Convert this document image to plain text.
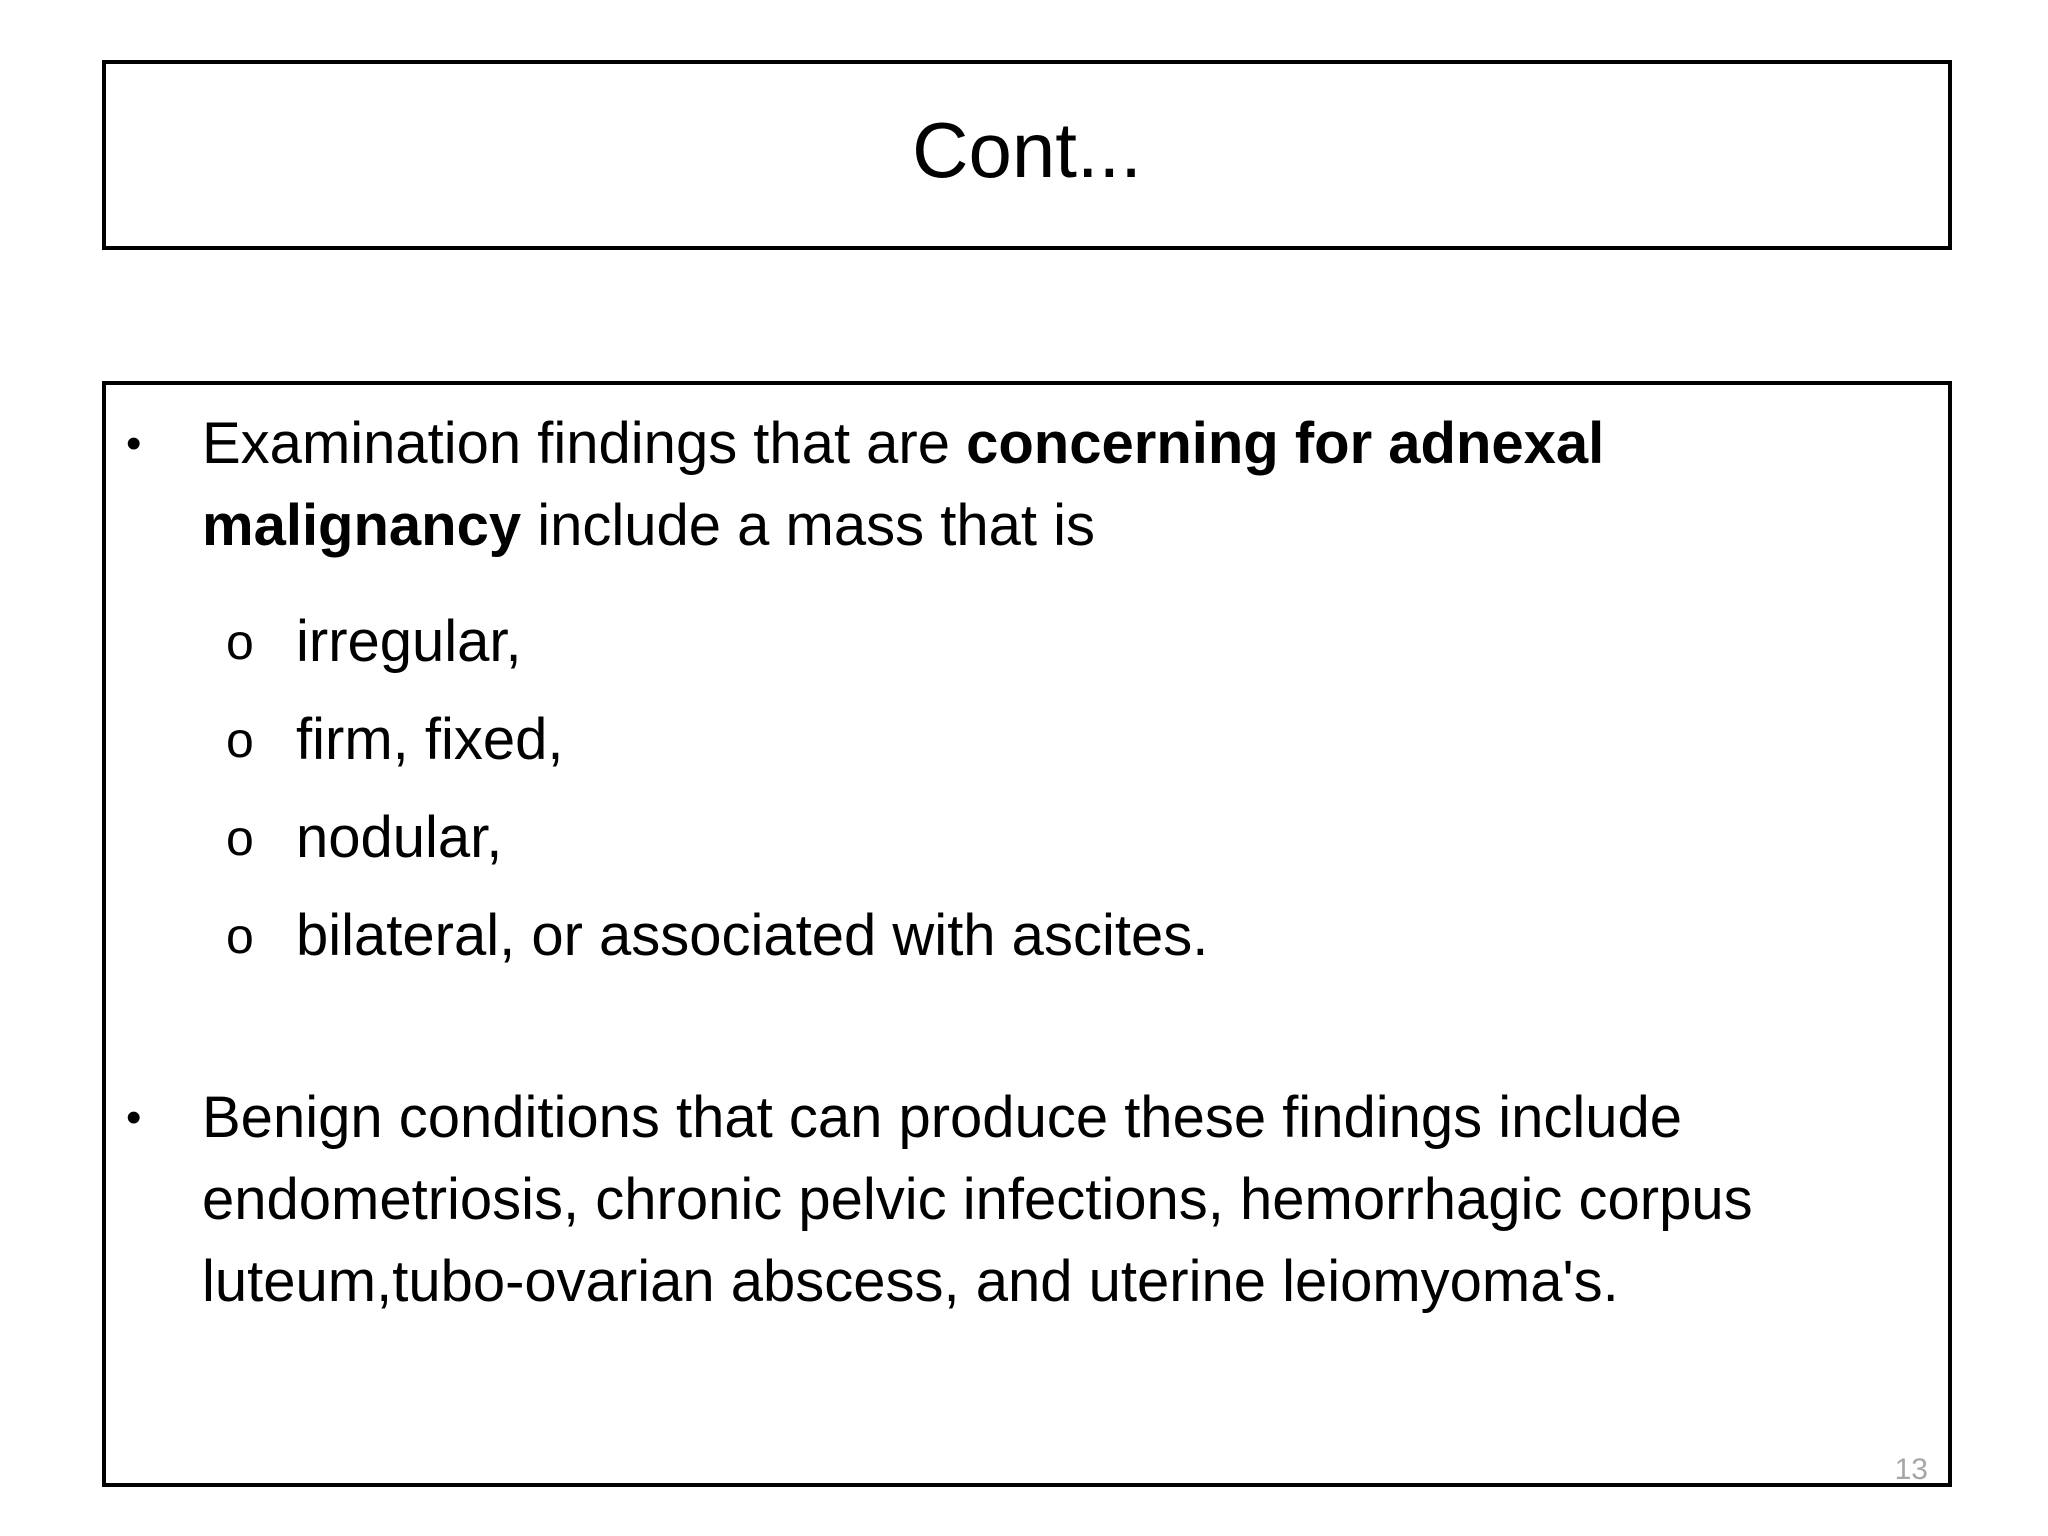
Cont...
• Examination findings that are concerning for adnexal malignancy include a mass that is
o irregular,
o firm, fixed,
o nodular,
o bilateral, or associated with ascites.
• Benign conditions that can produce these findings include endometriosis, chronic pelvic infections, hemorrhagic corpus luteum,tubo-ovarian abscess, and uterine leiomyoma's.
13
